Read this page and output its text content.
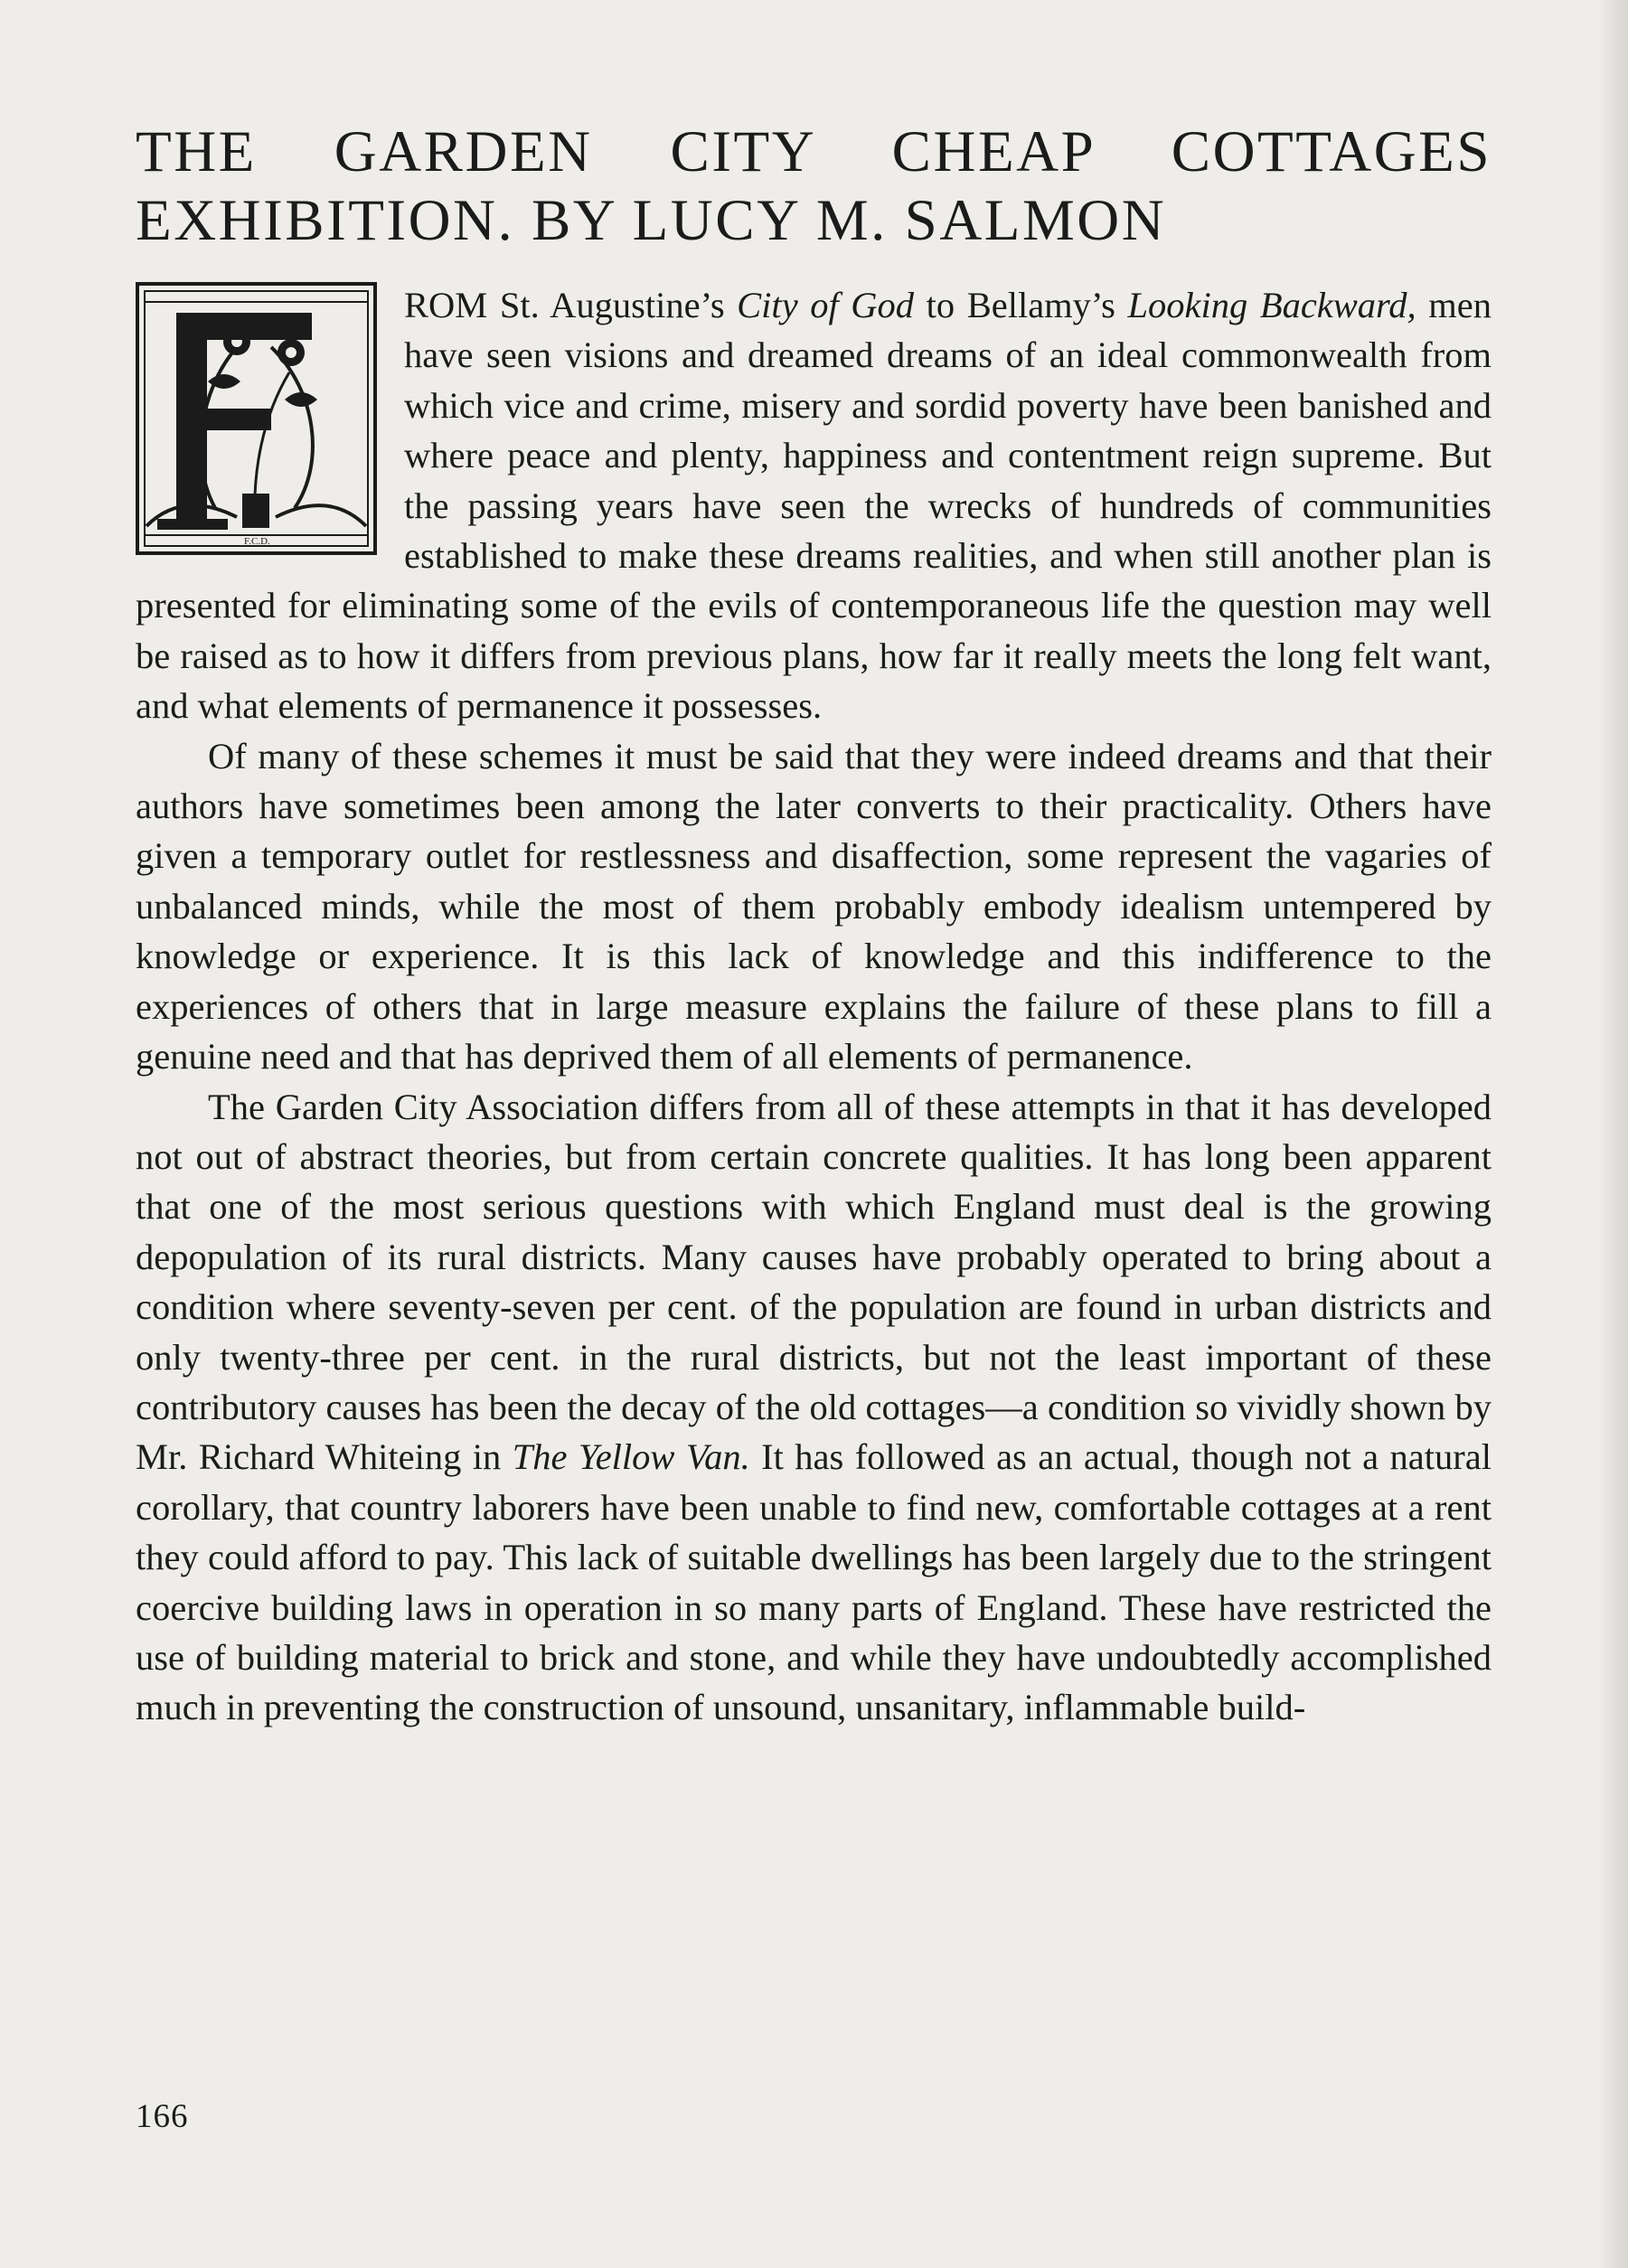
THE GARDEN CITY CHEAP COTTAGES EXHIBITION. BY LUCY M. SALMON

F.C.D.
ROM St. Augustine’s City of God to Bellamy’s Looking Backward, men have seen visions and dreamed dreams of an ideal commonwealth from which vice and crime, misery and sordid poverty have been banished and where peace and plenty, happiness and contentment reign supreme. But the passing years have seen the wrecks of hundreds of communities established to make these dreams realities, and when still another plan is presented for eliminating some of the evils of contemporaneous life the question may well be raised as to how it differs from previous plans, how far it really meets the long felt want, and what elements of permanence it possesses.

Of many of these schemes it must be said that they were indeed dreams and that their authors have sometimes been among the later converts to their practicality. Others have given a temporary outlet for restlessness and disaffection, some represent the vagaries of unbalanced minds, while the most of them probably embody idealism untempered by knowledge or experience. It is this lack of knowledge and this indifference to the experiences of others that in large measure explains the failure of these plans to fill a genuine need and that has deprived them of all elements of permanence.

The Garden City Association differs from all of these attempts in that it has developed not out of abstract theories, but from certain concrete qualities. It has long been apparent that one of the most serious questions with which England must deal is the growing depopulation of its rural districts. Many causes have probably operated to bring about a condition where seventy-seven per cent. of the population are found in urban districts and only twenty-three per cent. in the rural districts, but not the least important of these contributory causes has been the decay of the old cottages—a condition so vividly shown by Mr. Richard Whiteing in The Yellow Van. It has followed as an actual, though not a natural corollary, that country laborers have been unable to find new, comfortable cottages at a rent they could afford to pay. This lack of suitable dwellings has been largely due to the stringent coercive building laws in operation in so many parts of England. These have restricted the use of building material to brick and stone, and while they have undoubtedly accomplished much in preventing the construction of unsound, unsanitary, inflammable build-

166
